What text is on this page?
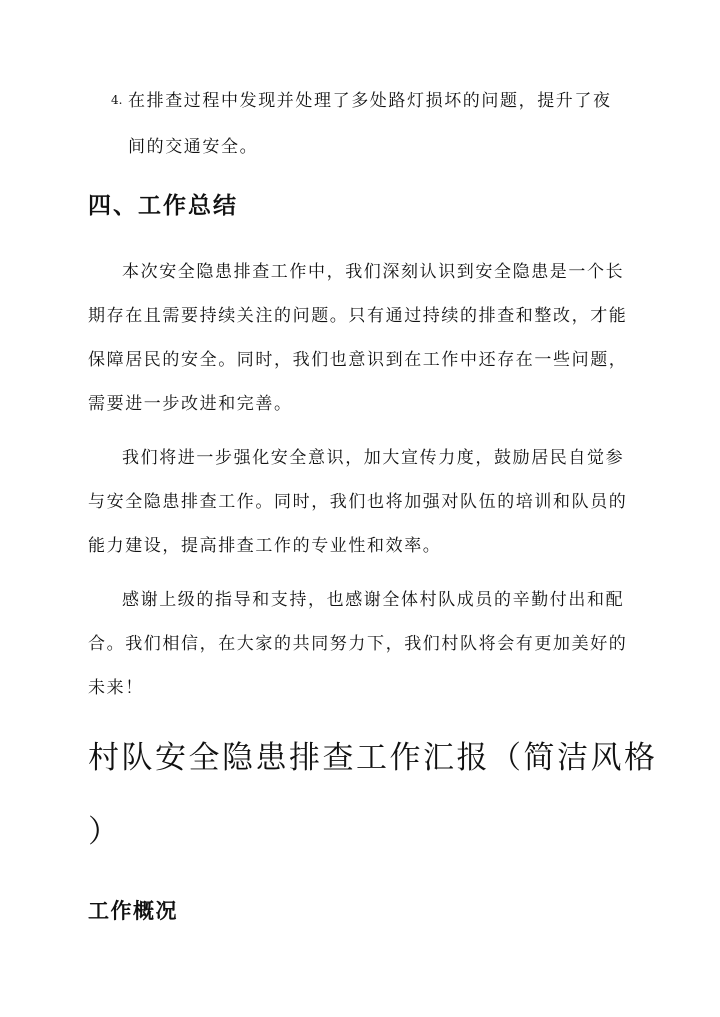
4. 在排查过程中发现并处理了多处路灯损坏的问题，提升了夜
间的交通安全。
四、工作总结
本次安全隐患排查工作中，我们深刻认识到安全隐患是一个长
期存在且需要持续关注的问题。只有通过持续的排查和整改，才能
保障居民的安全。同时，我们也意识到在工作中还存在一些问题，
需要进一步改进和完善。
我们将进一步强化安全意识，加大宣传力度，鼓励居民自觉参
与安全隐患排查工作。同时，我们也将加强对队伍的培训和队员的
能力建设，提高排查工作的专业性和效率。
感谢上级的指导和支持，也感谢全体村队成员的辛勤付出和配
合。我们相信，在大家的共同努力下，我们村队将会有更加美好的
未来！
村队安全隐患排查工作汇报（简洁风格
）
工作概况
